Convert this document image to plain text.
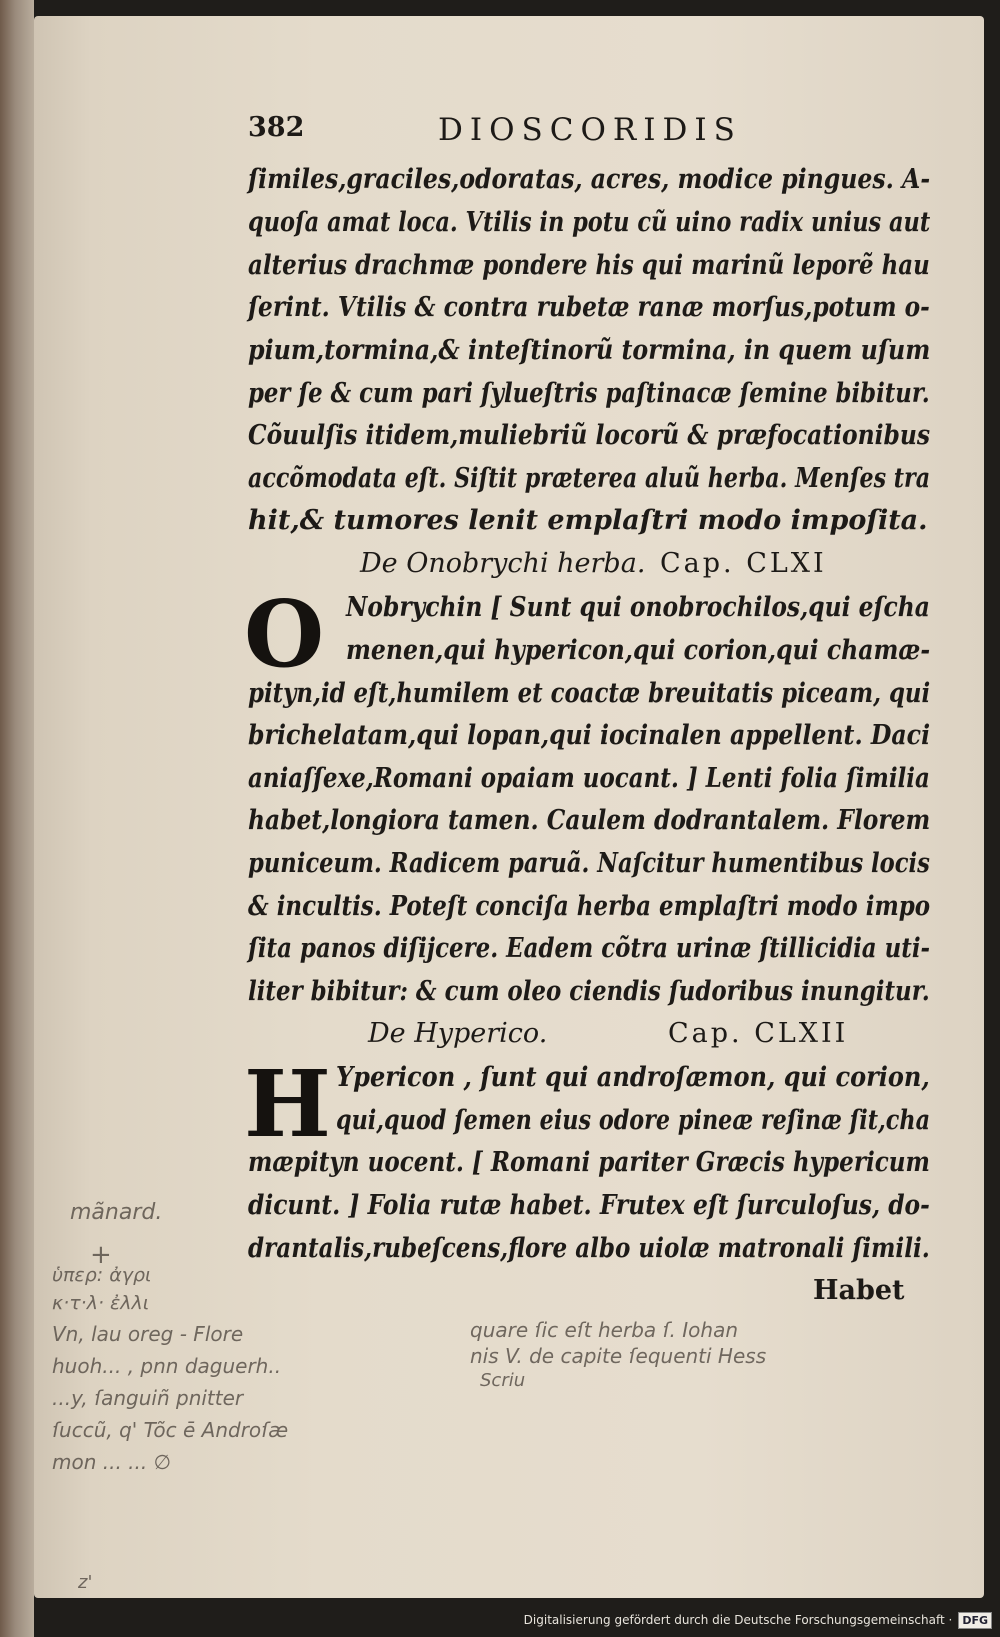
382	DIOSCORIDIS
ſimiles,graciles,odoratas, acres, modice pingues. A-
quoſa amat loca. Vtilis in potu cũ uino radix unius aut
alterius drachmæ pondere his qui marinũ leporẽ hau
ſerint. Vtilis & contra rubetæ ranæ morſus,potum o-
pium,tormina,& inteſtinorũ tormina, in quem uſum
per ſe & cum pari ſylueſtris paſtinacæ ſemine bibitur.
Cõuulſis itidem,muliebriũ locorũ & præfocationibus
accõmodata eſt. Siſtit præterea aluũ herba. Menſes tra
hit,& tumores lenit emplaſtri modo impoſita.
De Onobrychi herba. Cap. CLXI
O Nobrychin [ Sunt qui onobrochilos,qui eſcha
menen,qui hypericon,qui corion,qui chamæ-
pityn,id eſt,humilem et coactæ breuitatis piceam, qui
brichelatam,qui lopan,qui iocinalen appellent. Daci
aniaſſexe,Romani opaiam uocant. ] Lenti folia ſimilia
habet,longiora tamen. Caulem dodrantalem. Florem
puniceum. Radicem paruã. Naſcitur humentibus locis
& incultis. Poteſt conciſa herba emplaſtri modo impo
ſita panos diſijcere. Eadem cõtra urinæ ſtillicidia uti-
liter bibitur: & cum oleo ciendis ſudoribus inungitur.
De Hyperico.	Cap. CLXII
H Ypericon , ſunt qui androſæmon, qui corion,
qui,quod ſemen eius odore pineæ reſinæ ſit,cha
mæpityn uocent. [ Romani pariter Græcis hypericum
dicunt. ] Folia rutæ habet. Frutex eſt ſurculoſus, do-
drantalis,rubeſcens,flore albo uiolæ matronali ſimili.
Habet
quare ſic eſt herba ſ. Iohan
nis V. de capite ſequenti Hess
Scriu
mãnard.
+
ὑπερ: ἀγρι
κ·τ·λ· ἐλλι
Vn, lau oreg - Flore
huoh... , pnn daguerh..
...y, ſanguiñ pnitter
ſuccũ, q' Tõc ē Androſæ
mon ... ... ∅
z'
Digitalisierung gefördert durch die Deutsche Forschungsgemeinschaft · DFG
